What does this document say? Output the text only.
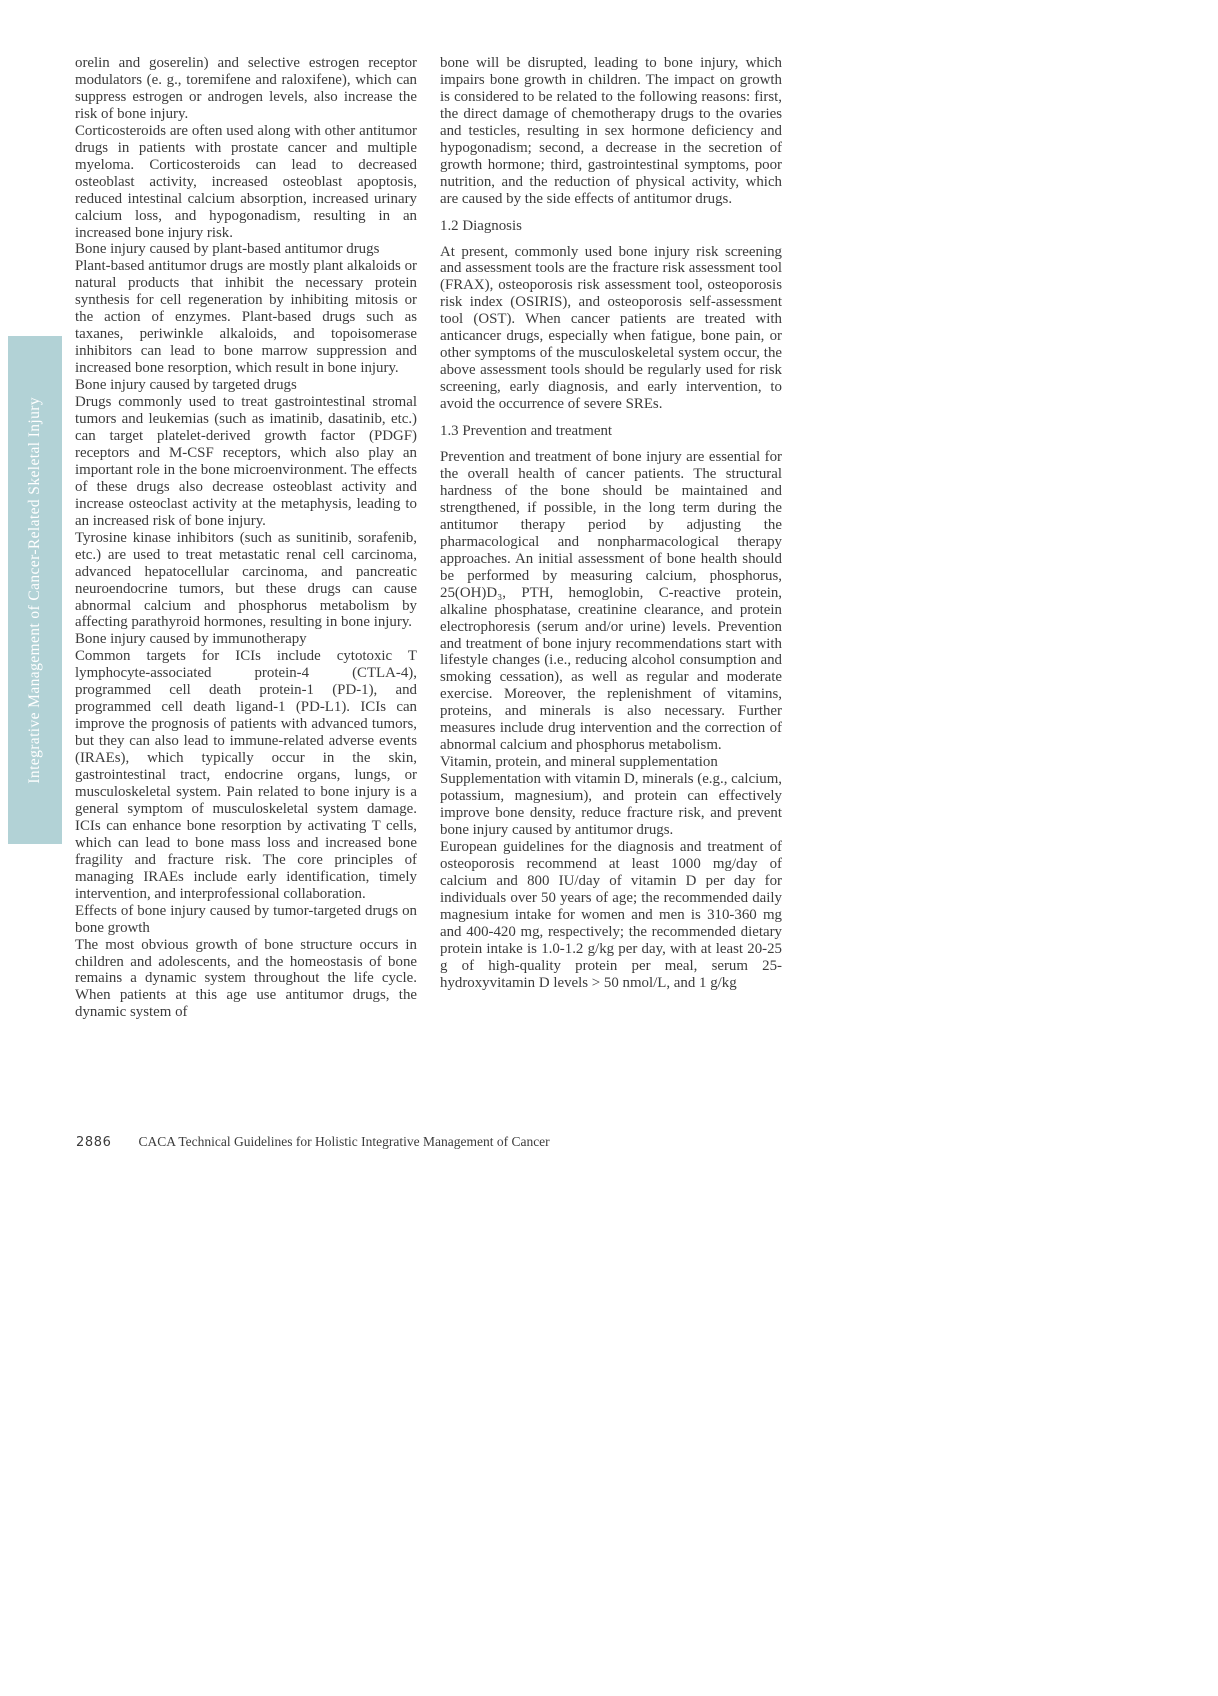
Integrative Management of Cancer-Related Skeletal Injury

orelin and goserelin) and selective estrogen receptor modulators (e. g., toremifene and raloxifene), which can suppress estrogen or androgen levels, also increase the risk of bone injury.

Corticosteroids are often used along with other antitumor drugs in patients with prostate cancer and multiple myeloma. Corticosteroids can lead to decreased osteoblast activity, increased osteoblast apoptosis, reduced intestinal calcium absorption, increased urinary calcium loss, and hypogonadism, resulting in an increased bone injury risk.

Bone injury caused by plant-based antitumor drugs

Plant-based antitumor drugs are mostly plant alkaloids or natural products that inhibit the necessary protein synthesis for cell regeneration by inhibiting mitosis or the action of enzymes. Plant-based drugs such as taxanes, periwinkle alkaloids, and topoisomerase inhibitors can lead to bone marrow suppression and increased bone resorption, which result in bone injury.

Bone injury caused by targeted drugs

Drugs commonly used to treat gastrointestinal stromal tumors and leukemias (such as imatinib, dasatinib, etc.) can target platelet-derived growth factor (PDGF) receptors and M-CSF receptors, which also play an important role in the bone microenvironment. The effects of these drugs also decrease osteoblast activity and increase osteoclast activity at the metaphysis, leading to an increased risk of bone injury.

Tyrosine kinase inhibitors (such as sunitinib, sorafenib, etc.) are used to treat metastatic renal cell carcinoma, advanced hepatocellular carcinoma, and pancreatic neuroendocrine tumors, but these drugs can cause abnormal calcium and phosphorus metabolism by affecting parathyroid hormones, resulting in bone injury.

Bone injury caused by immunotherapy

Common targets for ICIs include cytotoxic T lymphocyte-associated protein-4 (CTLA-4), programmed cell death protein-1 (PD-1), and programmed cell death ligand-1 (PD-L1). ICIs can improve the prognosis of patients with advanced tumors, but they can also lead to immune-related adverse events (IRAEs), which typically occur in the skin, gastrointestinal tract, endocrine organs, lungs, or musculoskeletal system. Pain related to bone injury is a general symptom of musculoskeletal system damage. ICIs can enhance bone resorption by activating T cells, which can lead to bone mass loss and increased bone fragility and fracture risk. The core principles of managing IRAEs include early identification, timely intervention, and interprofessional collaboration.

Effects of bone injury caused by tumor-targeted drugs on bone growth

The most obvious growth of bone structure occurs in children and adolescents, and the homeostasis of bone remains a dynamic system throughout the life cycle. When patients at this age use antitumor drugs, the dynamic system of

bone will be disrupted, leading to bone injury, which impairs bone growth in children. The impact on growth is considered to be related to the following reasons: first, the direct damage of chemotherapy drugs to the ovaries and testicles, resulting in sex hormone deficiency and hypogonadism; second, a decrease in the secretion of growth hormone; third, gastrointestinal symptoms, poor nutrition, and the reduction of physical activity, which are caused by the side effects of antitumor drugs.

1.2 Diagnosis

At present, commonly used bone injury risk screening and assessment tools are the fracture risk assessment tool (FRAX), osteoporosis risk assessment tool, osteoporosis risk index (OSIRIS), and osteoporosis self-assessment tool (OST). When cancer patients are treated with anticancer drugs, especially when fatigue, bone pain, or other symptoms of the musculoskeletal system occur, the above assessment tools should be regularly used for risk screening, early diagnosis, and early intervention, to avoid the occurrence of severe SREs.

1.3 Prevention and treatment

Prevention and treatment of bone injury are essential for the overall health of cancer patients. The structural hardness of the bone should be maintained and strengthened, if possible, in the long term during the antitumor therapy period by adjusting the pharmacological and nonpharmacological therapy approaches. An initial assessment of bone health should be performed by measuring calcium, phosphorus, 25(OH)D₃, PTH, hemoglobin, C-reactive protein, alkaline phosphatase, creatinine clearance, and protein electrophoresis (serum and/or urine) levels. Prevention and treatment of bone injury recommendations start with lifestyle changes (i.e., reducing alcohol consumption and smoking cessation), as well as regular and moderate exercise. Moreover, the replenishment of vitamins, proteins, and minerals is also necessary. Further measures include drug intervention and the correction of abnormal calcium and phosphorus metabolism.

Vitamin, protein, and mineral supplementation

Supplementation with vitamin D, minerals (e.g., calcium, potassium, magnesium), and protein can effectively improve bone density, reduce fracture risk, and prevent bone injury caused by antitumor drugs.

European guidelines for the diagnosis and treatment of osteoporosis recommend at least 1000 mg/day of calcium and 800 IU/day of vitamin D per day for individuals over 50 years of age; the recommended daily magnesium intake for women and men is 310-360 mg and 400-420 mg, respectively; the recommended dietary protein intake is 1.0-1.2 g/kg per day, with at least 20-25 g of high-quality protein per meal, serum 25-hydroxyvitamin D levels > 50 nmol/L, and 1 g/kg

2886 CACA Technical Guidelines for Holistic Integrative Management of Cancer
